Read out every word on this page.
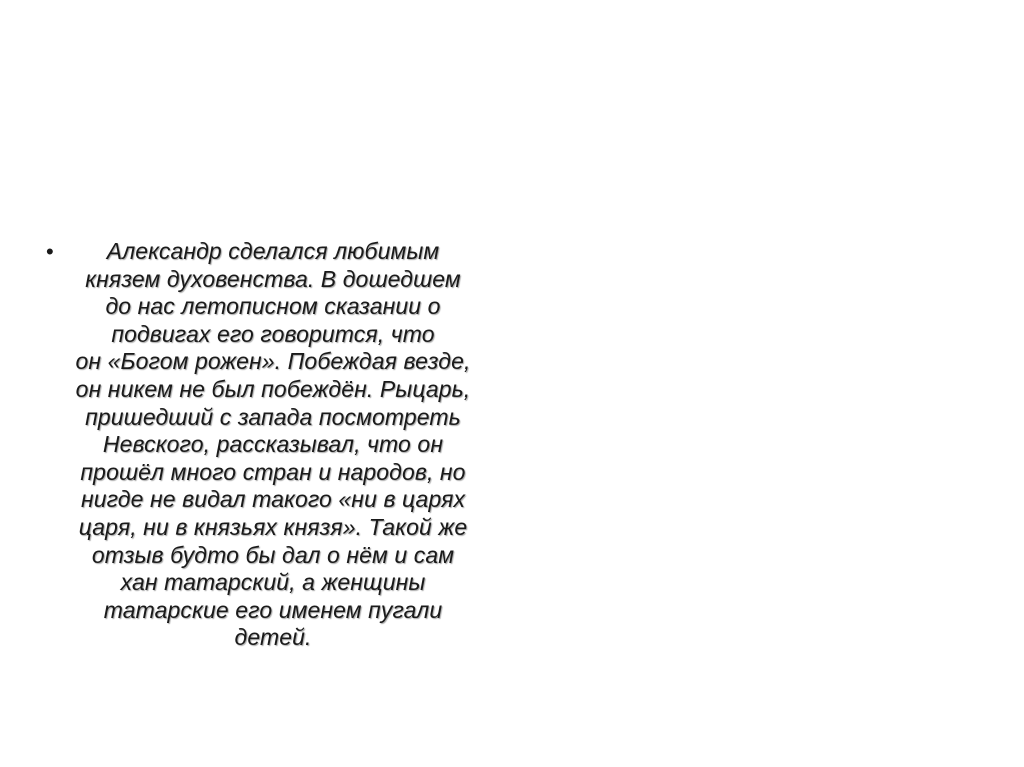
•	Александр сделался любимым
князем духовенства. В дошедшем
до нас летописном сказании о
подвигах его говорится, что
он «Богом рожен». Побеждая везде,
он никем не был побеждён. Рыцарь,
пришедший с запада посмотреть
Невского, рассказывал, что он
прошёл много стран и народов, но
нигде не видал такого «ни в царях
царя, ни в князьях князя». Такой же
отзыв будто бы дал о нём и сам
хан татарский, а женщины
татарские его именем пугали
детей.
